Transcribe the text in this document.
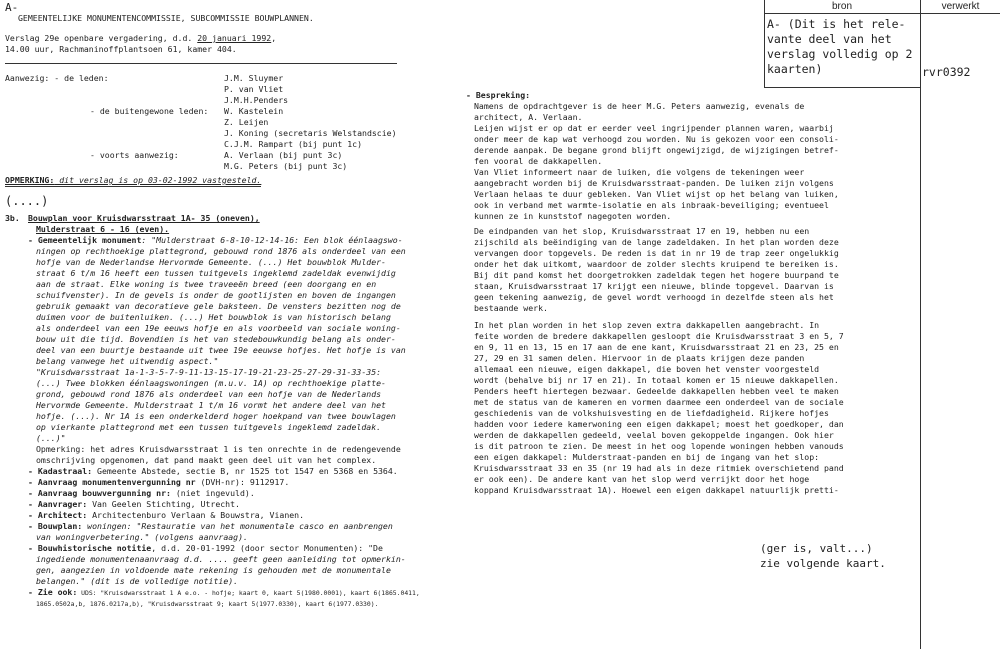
A-
GEMEENTELIJKE MONUMENTENCOMMISSIE, SUBCOMMISSIE BOUWPLANNEN.
Verslag 29e openbare vergadering, d.d. 20 januari 1992,
14.00 uur, Rachmaninoffplantsoen 61, kamer 404.
Aanwezig: - de leden:	J.M. Sluymer

P. van Vliet

J.M.H.Penders

- de buitengewone leden: W. Kastelein

Z. Leijen

J. Koning (secretaris Welstandscie)

C.J.M. Rampart (bij punt 1c)

- voorts aanwezig:	A. Verlaan (bij punt 3c)

M.G. Peters (bij punt 3c)

OPMERKING: dit verslag is op 03-02-1992 vastgesteld.
(....)
3b. Bouwplan voor Kruisdwarsstraat 1A- 35 (oneven),
Mulderstraat 6 - 16 (even).

- Gemeentelijk monument: "Mulderstraat 6-8-10-12-14-16: Een blok éénlaagswo-

ningen op rechthoekige plattegrond, gebouwd rond 1876 als onderdeel van een

hofje van de Nederlandse Hervormde Gemeente. (...) Het bouwblok Mulder-

straat 6 t/m 16 heeft een tussen tuitgevels ingeklemd zadeldak evenwijdig

aan de straat. Elke woning is twee traveeën breed (een doorgang en en

schuifvenster). In de gevels is onder de gootlijsten en boven de ingangen

gebruik gemaakt van decoratieve gele baksteen. De vensters bezitten nog de

duimen voor de buitenluiken. (...) Het bouwblok is van historisch belang

als onderdeel van een 19e eeuws hofje en als voorbeeld van sociale woning-

bouw uit die tijd. Bovendien is het van stedebouwkundig belang als onder-

deel van een buurtje bestaande uit twee 19e eeuwse hofjes. Het hofje is van

belang vanwege het uitwendig aspect."

"Kruisdwarsstraat 1a-1-3-5-7-9-11-13-15-17-19-21-23-25-27-29-31-33-35:

(...) Twee blokken éénlaagswoningen (m.u.v. 1A) op rechthoekige platte-

grond, gebouwd rond 1876 als onderdeel van een hofje van de Nederlands

Hervormde Gemeente. Mulderstraat 1 t/m 16 vormt het andere deel van het

hofje. (...). Nr 1A is een onderkelderd hoger hoekpand van twee bouwlagen

op vierkante plattegrond met een tussen tuitgevels ingeklemd zadeldak.

(...)"

Opmerking: het adres Kruisdwarsstraat 1 is ten onrechte in de redengevende

omschrijving opgenomen, dat pand maakt geen deel uit van het complex.

- Kadastraal: Gemeente Abstede, sectie B, nr 1525 tot 1547 en 5368 en 5364.

- Aanvraag monumentenvergunning nr (DVH-nr): 9112917.

- Aanvraag bouwvergunning nr: (niet ingevuld).

- Aanvrager: Van Geelen Stichting, Utrecht.

- Architect: Architectenburo Verlaan & Bouwstra, Vianen.

- Bouwplan: woningen: "Restauratie van het monumentale casco en aanbrengen

van woningverbetering." (volgens aanvraag).

- Bouwhistorische notitie, d.d. 20-01-1992 (door sector Monumenten): "De

ingediende monumentenaanvraag d.d. .... geeft geen aanleiding tot opmerkin-

gen, aangezien in voldoende mate rekening is gehouden met de monumentale

belangen." (dit is de volledige notitie).

- Zie ook: UDS: "Kruisdwarsstraat 1 A e.o. - hofje; kaart 0, kaart 5(1980.0001), kaart 6(1865.0411,

1865.0502a,b, 1876.0217a,b), "Kruisdwarsstraat 9; kaart 5(1977.0330), kaart 6(1977.0330).

- Bespreking:

Namens de opdrachtgever is de heer M.G. Peters aanwezig, evenals de

architect, A. Verlaan.

Leijen wijst er op dat er eerder veel ingrijpender plannen waren, waarbij

onder meer de kap wat verhoogd zou worden. Nu is gekozen voor een consoli-

derende aanpak. De begane grond blijft ongewijzigd, de wijzigingen betref-

fen vooral de dakkapellen.

Van Vliet informeert naar de luiken, die volgens de tekeningen weer

aangebracht worden bij de Kruisdwarsstraat-panden. De luiken zijn volgens

Verlaan helaas te duur gebleken. Van Vliet wijst op het belang van luiken,

ook in verband met warmte-isolatie en als inbraak-beveiliging; eventueel

kunnen ze in kunststof nagegoten worden.

De eindpanden van het slop, Kruisdwarsstraat 17 en 19, hebben nu een

zijschild als beëindiging van de lange zadeldaken. In het plan worden deze

vervangen door topgevels. De reden is dat in nr 19 de trap zeer ongelukkig

onder het dak uitkomt, waardoor de zolder slechts kruipend te bereiken is.

Bij dit pand komst het doorgetrokken zadeldak tegen het hogere buurpand te

staan, Kruisdwarsstraat 17 krijgt een nieuwe, blinde topgevel. Daarvan is

geen tekening aanwezig, de gevel wordt verhoogd in dezelfde steen als het

bestaande werk.

In het plan worden in het slop zeven extra dakkapellen aangebracht. In

feite worden de bredere dakkapellen gesloopt die Kruisdwarsstraat 3 en 5, 7

en 9, 11 en 13, 15 en 17 aan de ene kant, Kruisdwarsstraat 21 en 23, 25 en

27, 29 en 31 samen delen. Hiervoor in de plaats krijgen deze panden

allemaal een nieuwe, eigen dakkapel, die boven het venster voorgesteld

wordt (behalve bij nr 17 en 21). In totaal komen er 15 nieuwe dakkapellen.

Penders heeft hiertegen bezwaar. Gedeelde dakkapellen hebben veel te maken

met de status van de kameren en vormen daarmee een onderdeel van de sociale

geschiedenis van de volkshuisvesting en de liefdadigheid. Rijkere hofjes

hadden voor iedere kamerwoning een eigen dakkapel; moest het goedkoper, dan

werden de dakkapellen gedeeld, veelal boven gekoppelde ingangen. Ook hier

is dit patroon te zien. De meest in het oog lopende woningen hebben vanouds

een eigen dakkapel: Mulderstraat-panden en bij de ingang van het slop:

Kruisdwarsstraat 33 en 35 (nr 19 had als in deze ritmiek overschietend pand

er ook een). De andere kant van het slop werd verrijkt door het hoge

koppand Kruisdwarsstraat 1A). Hoewel een eigen dakkapel natuurlijk pretti-

(ger is, valt...)
zie volgende kaart.
bron	verwerkt

A- (Dit is het rele-

vante deel van het

verslag volledig op 2

kaarten)	rvr0392
